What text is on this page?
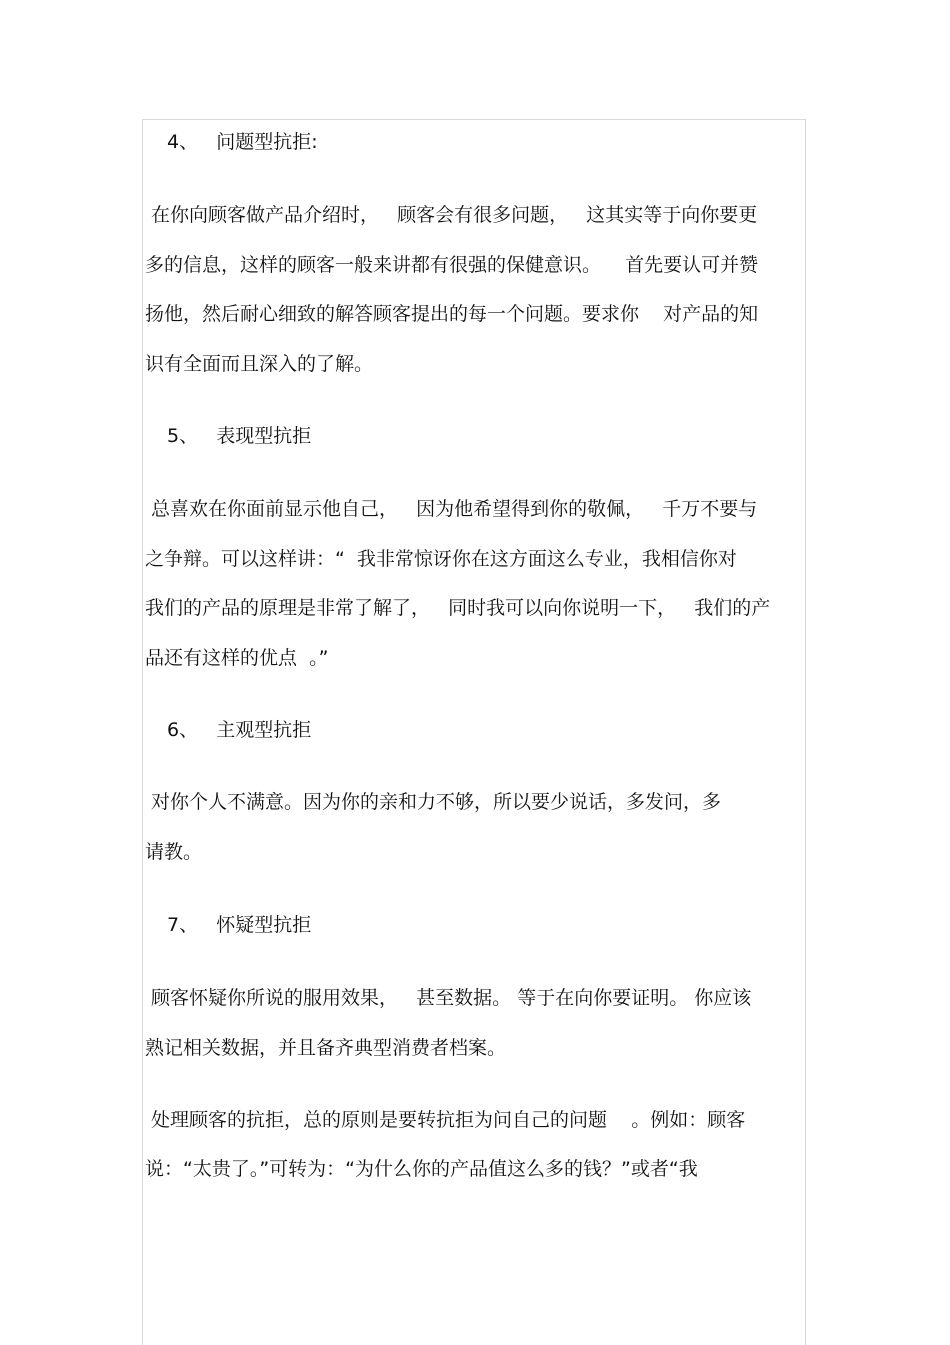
4、   问题型抗拒:

在你向顾客做产品介绍时，   顾客会有很多问题，   这其实等于向你要更

多的信息，这样的顾客一般来讲都有很强的保健意识。    首先要认可并赞

扬他，然后耐心细致的解答顾客提出的每一个问题。要求你    对产品的知

识有全面而且深入的了解。

5、   表现型抗拒

总喜欢在你面前显示他自己，   因为他希望得到你的敬佩，   千万不要与

之争辩。可以这样讲：“  我非常惊讶你在这方面这么专业，我相信你对

我们的产品的原理是非常了解了，   同时我可以向你说明一下，   我们的产

品还有这样的优点  。”

6、   主观型抗拒

对你个人不满意。因为你的亲和力不够，所以要少说话，多发问，多

请教。

7、   怀疑型抗拒

顾客怀疑你所说的服用效果，   甚至数据。 等于在向你要证明。 你应该

熟记相关数据，并且备齐典型消费者档案。

处理顾客的抗拒，总的原则是要转抗拒为问自己的问题    。例如：顾客

说：“太贵了。”可转为：“为什么你的产品值这么多的钱？”或者“我
